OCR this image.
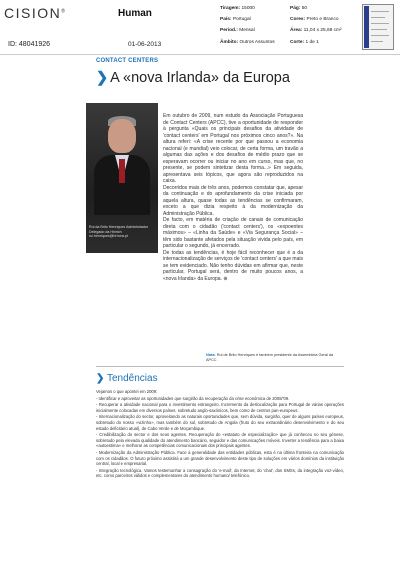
CISION®	Human
ID: 48041926	01-06-2013
Tiragem: 15000
País: Portugal
Period.: Mensal
Âmbito: Outros Assuntos
Pág: 50
Cores: Preto e Branco
Área: 11,04 x 25,68 cm²
Corte: 1 de 1
CONTACT CENTERS
❯ A «nova Irlanda» da Europa
Rui da Brito Henriques Administrador Delegado da Hinrich rui.henriques@hrhora.pt

Em outubro de 2009, num estudo da Associação Portuguesa de Contact Centers (APCC), tive a oportunidade de responder à pergunta «Quais os principais desafios da atividade de 'contact centers' em Portugal nos próximos cinco anos?». Na altura referi: «A crise recente por que passou a economia nacional (e mundial) veio colocar, de certa forma, um travão a algumas das ações e dos desafios de médio prazo que se esperavam ocorrer ou iniciar no ano em curso, mas que, no presente, se podem sintetizar desta forma...» Em seguida, apresentava seis tópicos, que agora são reproduzidos na caixa.

Decorridos mais de três anos, podemos constatar que, apesar da continuação e do aprofundamento da crise iniciada por aquela altura, quase todas as tendências se confirmaram, exceto a que dizia respeito à da modernização da Administração Pública.

De facto, em matéria de criação de canais de comunicação direta com o cidadão ('contact centers'), os «expoentes máximos» – «Linha da Saúde» e «Via Segurança Social» – têm sido bastante afetados pela situação vivida pelo país, em particular o segundo, já encerrado.

De todas as tendências, é hoje fácil reconhecer que é a da internacionalização de serviços de 'contact centers' a que mais se tem evidenciado. Não tenho dúvidas em afirmar que, neste particular, Portugal será, dentro de muito poucos anos, a «nova Irlanda» da Europa. ⊕

Nota: Rui de Brito Henriques é também presidente da Assembleia Geral da APCC
❯ Tendências

Vejamos o que apontei em 2009:

- Identificar e aproveitar as oportunidades que surgirão da recuperação da crise económica de 2008/'09.

- Recuperar a atividade nacional para o investimento estrangeiro. Incremento da deslocalização para Portugal de várias operações inicialmente colocadas em diversos países, sobretudo anglo-saxónicos, bem como de centros pan-europeus.

- Internacionalização do sector, aproveitando as naturais oportunidades que, sem dúvida, surgirão, quer de alguns países europeus, sobretudo do nosso «vizinho», mas também do sul, sobretudo de Angola (fruto do seu extraordinário desenvolvimento e do seu estado deficitário atual), de Cabo Verde e de Moçambique.

- Credibilização do sector e dos seus agentes. Recuperação do «estatuto de especialização» que já conheceu no seu génese, sobretudo pela elevada qualidade do atendimento bancário, seguidor e das comunicações móveis. Inverter a tendência para a baixa «autoestima» e melhorar as competências comunicacionais dos principais agentes.

- Modernização da Administração Pública. Face à generalidade das entidades públicas, esta é na última fronteira na comunicação com os cidadãos. O futuro próximo assistirá a um grande desenvolvimento deste tipo de soluções em vários domínios da instituição central, local e empresarial.

- Integração tecnológica. Vamos testemunhar a consagração do 'e-mail', da Internet, do 'chat', dos SMSs, da integração voz-vídeo, etc. como parceiros válidos e complementares do atendimento humano/ telefónico.
